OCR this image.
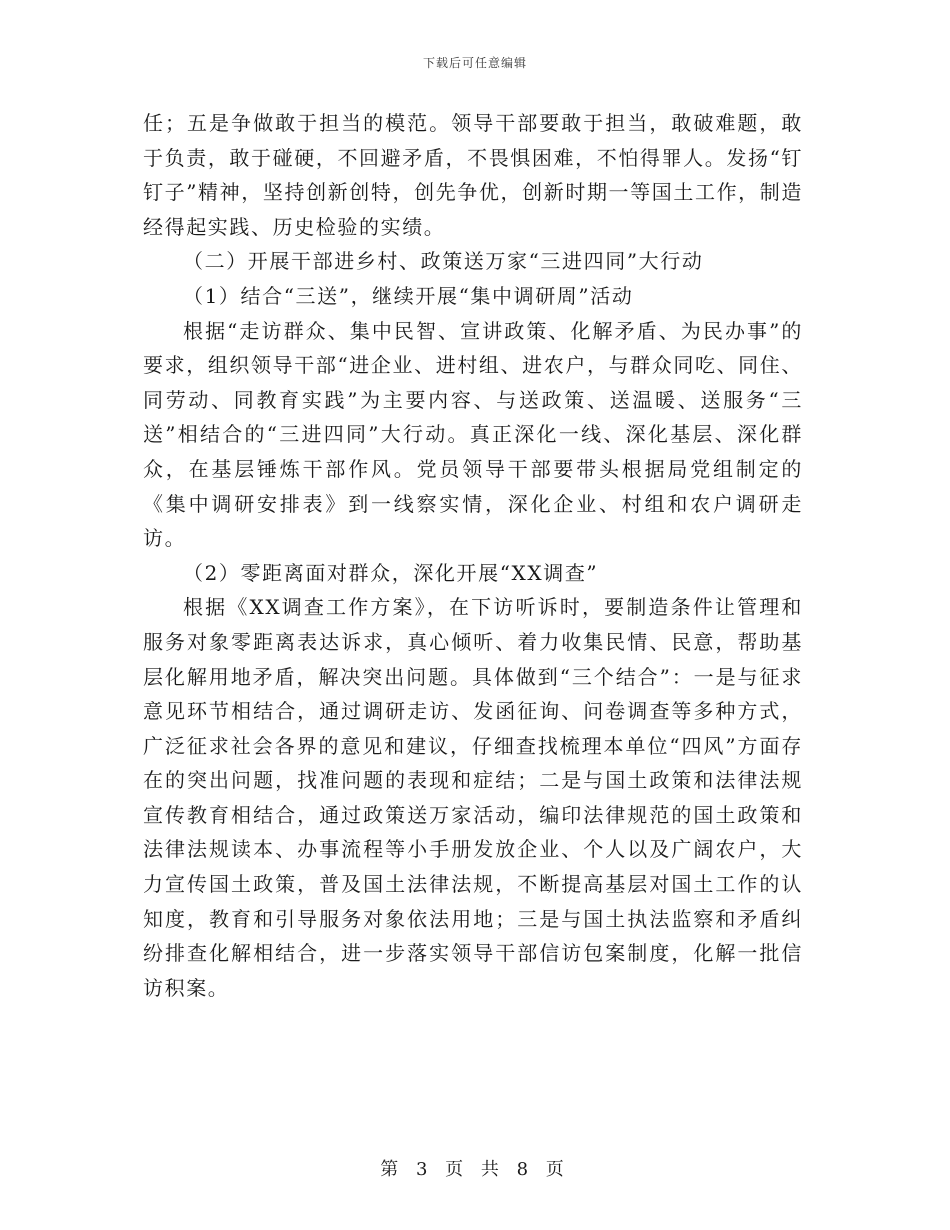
下载后可任意编辑

任；五是争做敢于担当的模范。领导干部要敢于担当，敢破难题，敢于负责，敢于碰硬，不回避矛盾，不畏惧困难，不怕得罪人。发扬“钉钉子”精神，坚持创新创特，创先争优，创新时期一等国土工作，制造经得起实践、历史检验的实绩。

（二）开展干部进乡村、政策送万家“三进四同”大行动

（1）结合“三送”，继续开展“集中调研周”活动

根据“走访群众、集中民智、宣讲政策、化解矛盾、为民办事”的要求，组织领导干部“进企业、进村组、进农户，与群众同吃、同住、同劳动、同教育实践”为主要内容、与送政策、送温暖、送服务“三送”相结合的“三进四同”大行动。真正深化一线、深化基层、深化群众，在基层锤炼干部作风。党员领导干部要带头根据局党组制定的《集中调研安排表》到一线察实情，深化企业、村组和农户调研走访。

（2）零距离面对群众，深化开展“XX调查”

根据《XX调查工作方案》，在下访听诉时，要制造条件让管理和服务对象零距离表达诉求，真心倾听、着力收集民情、民意，帮助基层化解用地矛盾，解决突出问题。具体做到“三个结合”：一是与征求意见环节相结合，通过调研走访、发函征询、问卷调查等多种方式，广泛征求社会各界的意见和建议，仔细查找梳理本单位“四风”方面存在的突出问题，找准问题的表现和症结；二是与国土政策和法律法规宣传教育相结合，通过政策送万家活动，编印法律规范的国土政策和法律法规读本、办事流程等小手册发放企业、个人以及广阔农户，大力宣传国土政策，普及国土法律法规，不断提高基层对国土工作的认知度，教育和引导服务对象依法用地；三是与国土执法监察和矛盾纠纷排查化解相结合，进一步落实领导干部信访包案制度，化解一批信访积案。

第 3 页 共 8 页
